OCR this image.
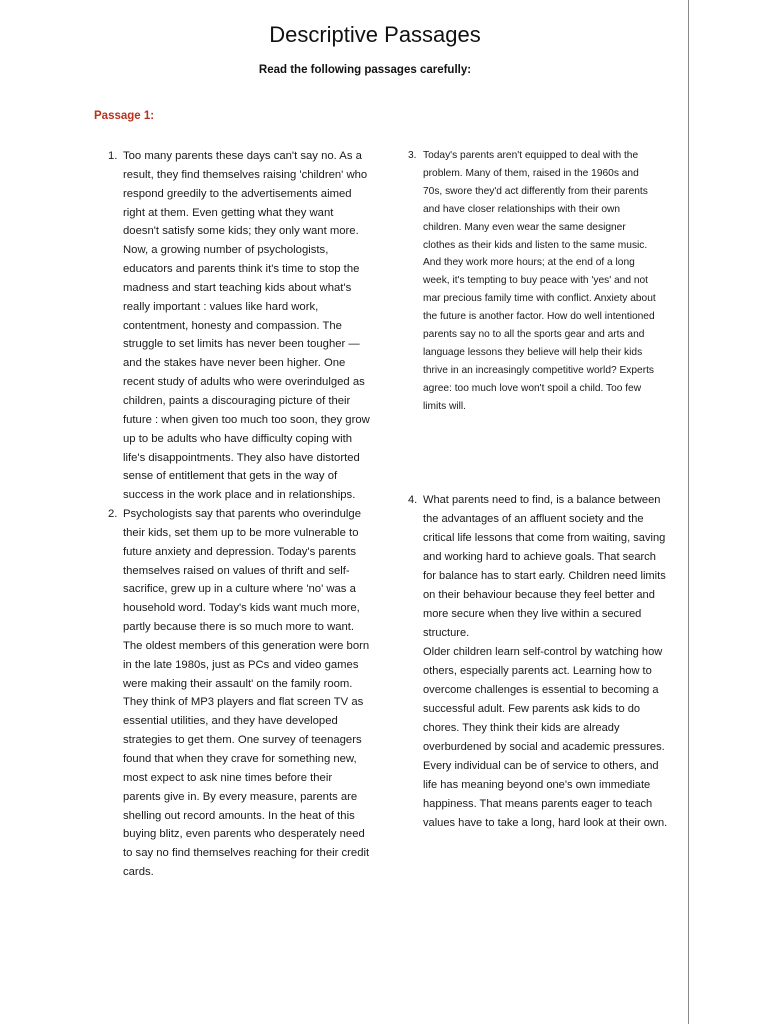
Descriptive Passages

Read the following passages carefully:

Passage 1:

1. Too many parents these days can't say no. As a result, they find themselves raising 'children' who respond greedily to the advertisements aimed right at them. Even getting what they want doesn't satisfy some kids; they only want more. Now, a growing number of psychologists, educators and parents think it's time to stop the madness and start teaching kids about what's really important : values like hard work, contentment, honesty and compassion. The struggle to set limits has never been tougher —and the stakes have never been higher. One recent study of adults who were overindulged as children, paints a discouraging picture of their future : when given too much too soon, they grow up to be adults who have difficulty coping with life's disappointments. They also have distorted sense of entitlement that gets in the way of success in the work place and in relationships.

2. Psychologists say that parents who overindulge their kids, set them up to be more vulnerable to future anxiety and depression. Today's parents themselves raised on values of thrift and self-sacrifice, grew up in a culture where 'no' was a household word. Today's kids want much more, partly because there is so much more to want. The oldest members of this generation were born in the late 1980s, just as PCs and video games were making their assault' on the family room. They think of MP3 players and flat screen TV as essential utilities, and they have developed strategies to get them. One survey of teenagers found that when they crave for something new, most expect to ask nine times before their parents give in. By every measure, parents are shelling out record amounts. In the heat of this buying blitz, even parents who desperately need to say no find themselves reaching for their credit cards.

3. Today's parents aren't equipped to deal with the problem. Many of them, raised in the 1960s and 70s, swore they'd act differently from their parents and have closer relationships with their own children. Many even wear the same designer clothes as their kids and listen to the same music. And they work more hours; at the end of a long week, it's tempting to buy peace with 'yes' and not mar precious family time with conflict. Anxiety about the future is another factor. How do well intentioned parents say no to all the sports gear and arts and language lessons they believe will help their kids thrive in an increasingly competitive world? Experts agree: too much love won't spoil a child. Too few limits will.

4. What parents need to find, is a balance between the advantages of an affluent society and the critical life lessons that come from waiting, saving and working hard to achieve goals. That search for balance has to start early. Children need limits on their behaviour because they feel better and more secure when they live within a secured structure.

Older children learn self-control by watching how others, especially parents act. Learning how to overcome challenges is essential to becoming a successful adult. Few parents ask kids to do chores. They think their kids are already overburdened by social and academic pressures. Every individual can be of service to others, and life has meaning beyond one's own immediate happiness. That means parents eager to teach values have to take a long, hard look at their own.
